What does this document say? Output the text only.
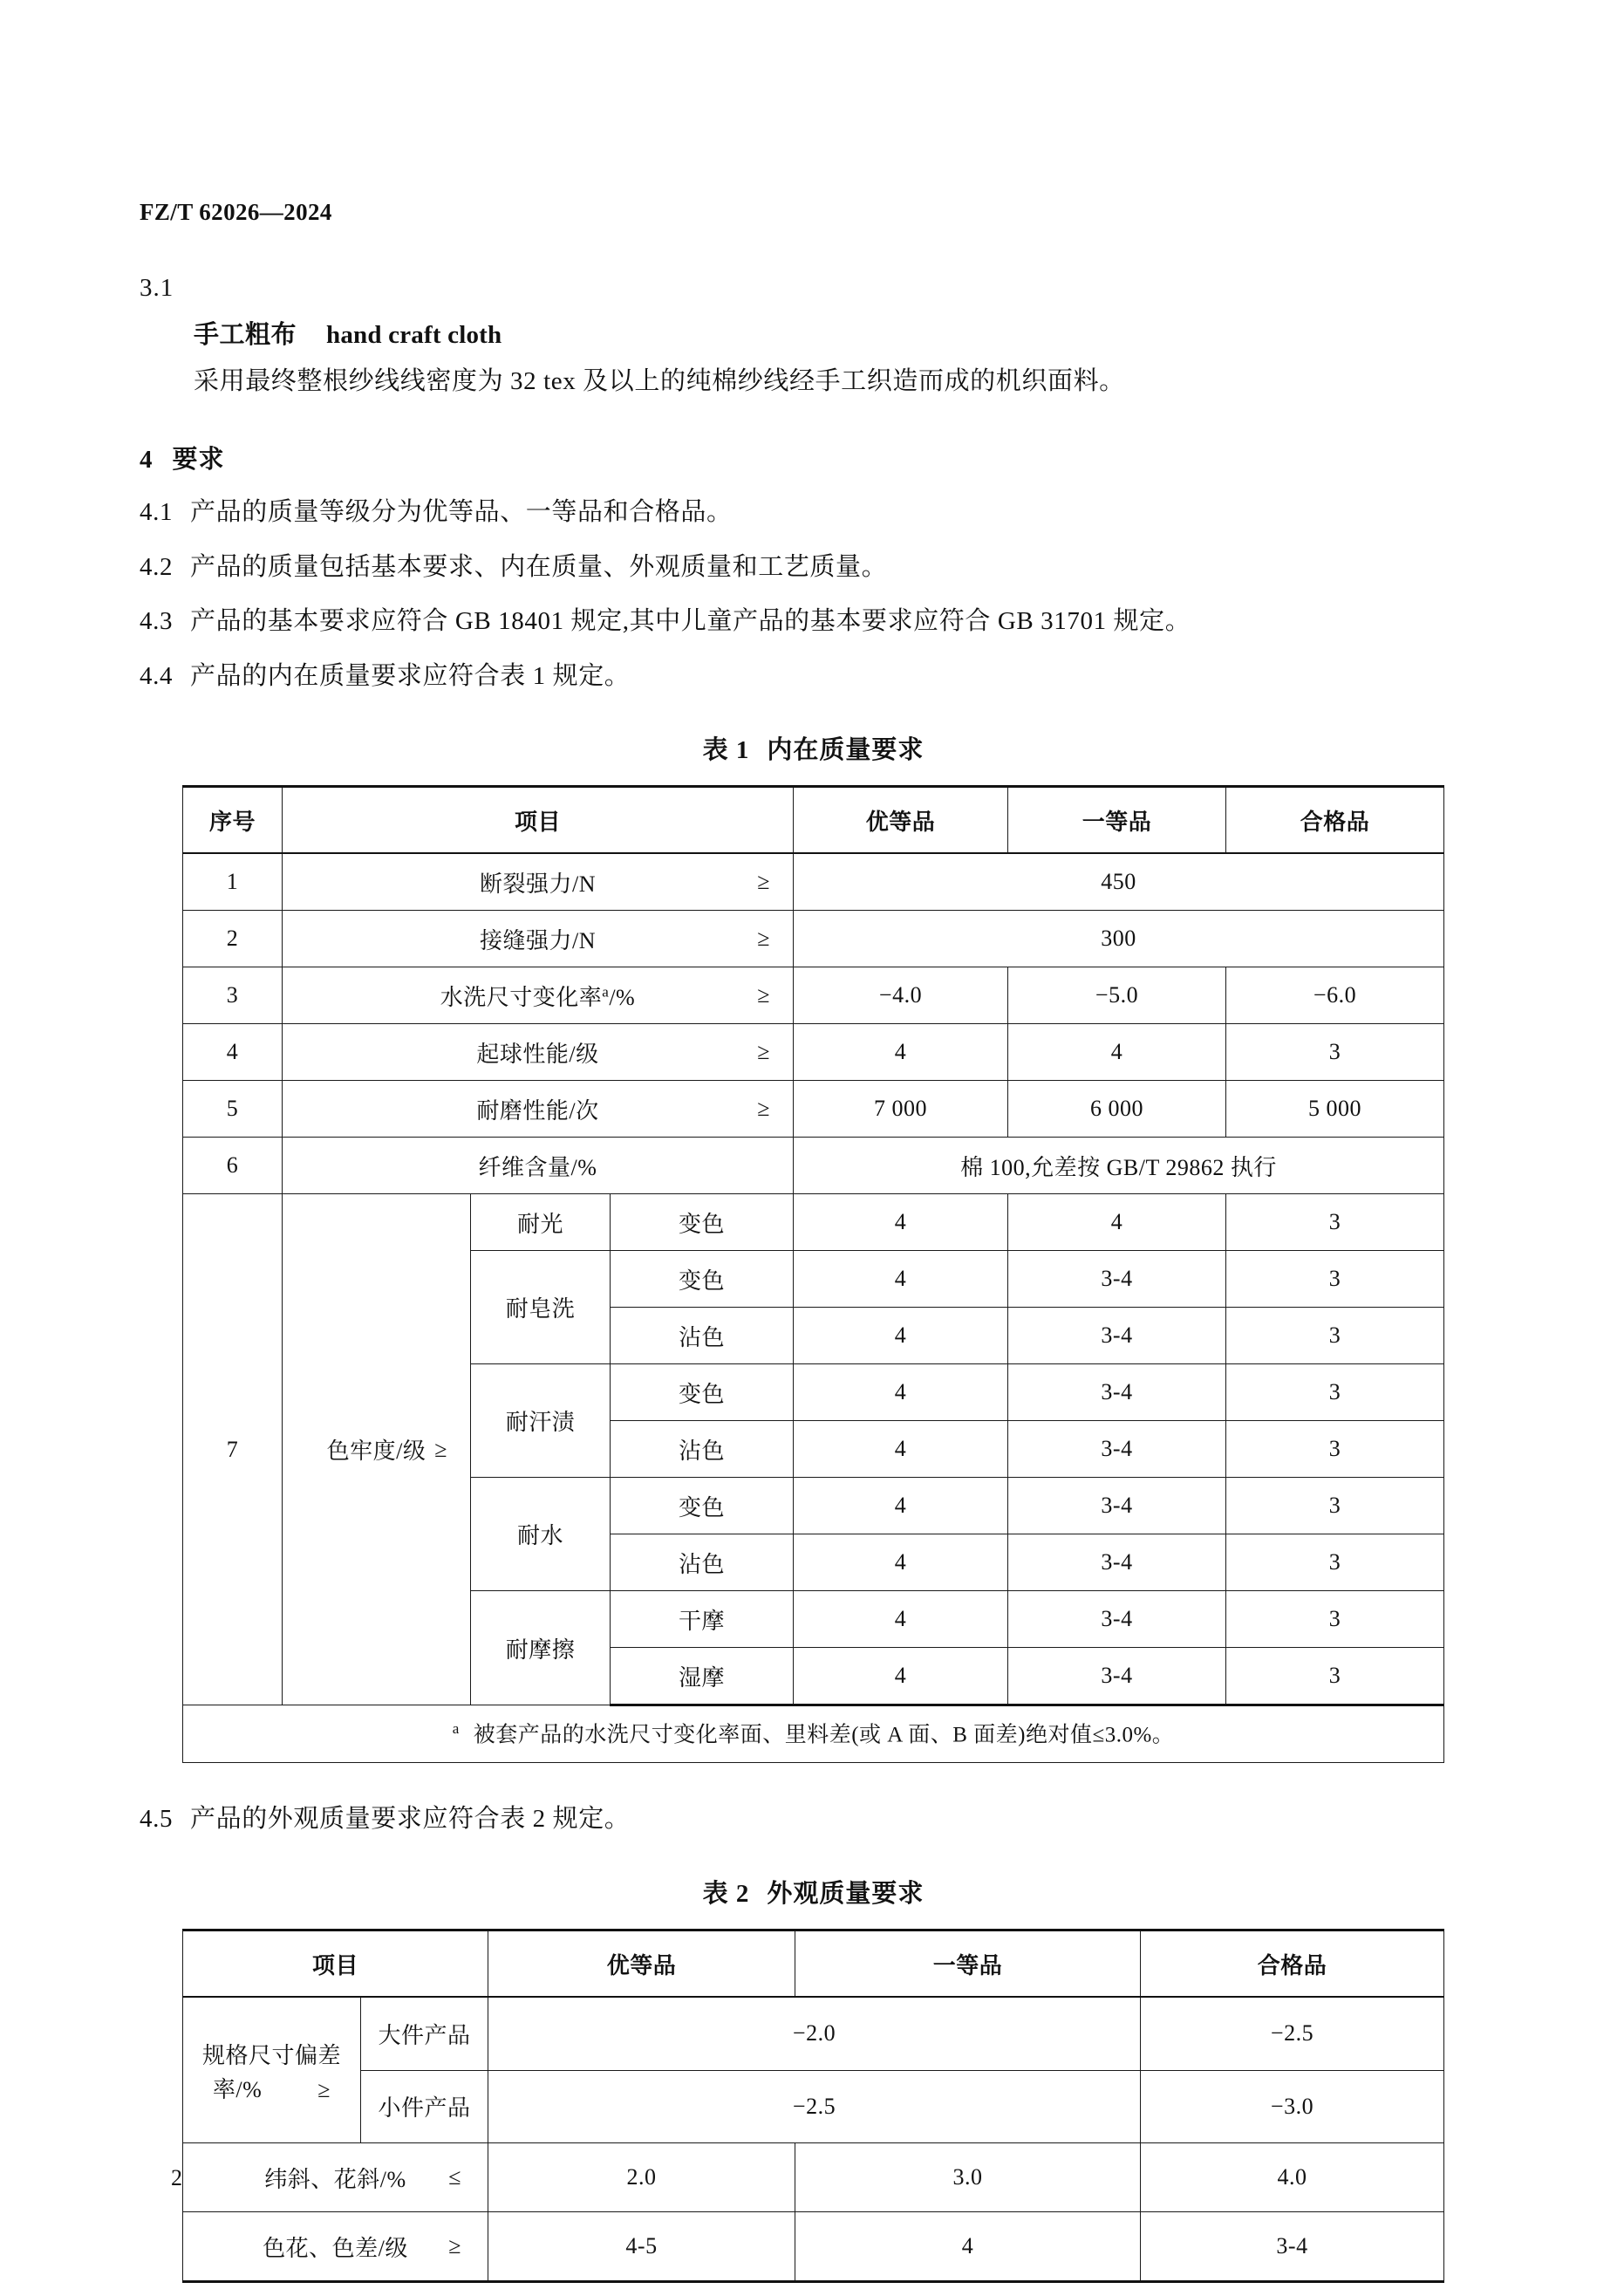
FZ/T 62026—2024
3.1
手工粗布 hand craft cloth
采用最终整根纱线线密度为 32 tex 及以上的纯棉纱线经手工织造而成的机织面料。
4 要求
4.1 产品的质量等级分为优等品、一等品和合格品。
4.2 产品的质量包括基本要求、内在质量、外观质量和工艺质量。
4.3 产品的基本要求应符合 GB 18401 规定,其中儿童产品的基本要求应符合 GB 31701 规定。
4.4 产品的内在质量要求应符合表 1 规定。
表 1 内在质量要求
序号	项目			优等品	一等品	合格品
1	断裂强力/N ≥			450		
2	接缝强力/N ≥			300		
3	水洗尺寸变化率$^a$/% ≥			−4.0	−5.0	−6.0
4	起球性能/级 ≥			4	4	3
5	耐磨性能/次 ≥			7 000	6 000	5 000
6	纤维含量/%			棉 100,允差按 GB/T 29862 执行		
7	色牢度/级 ≥	耐光	变色	4	4	3
		耐皂洗	变色	4	3-4	3
			沾色	4	3-4	3
		耐汗渍	变色	4	3-4	3
			沾色	4	3-4	3
		耐水	变色	4	3-4	3
			沾色	4	3-4	3
		耐摩擦	干摩	4	3-4	3
			湿摩	4	3-4	3
$^a$ 被套产品的水洗尺寸变化率面、里料差(或 A 面、B 面差)绝对值≤3.0%。						
4.5 产品的外观质量要求应符合表 2 规定。
表 2 外观质量要求
项目		优等品	一等品	合格品

规格尺寸偏差
率/% ≥	大件产品	−2.0		−2.5
	小件产品	−2.5		−3.0
纬斜、花斜/% ≤		2.0	3.0	4.0
色花、色差/级 ≥		4-5	4	3-4
2
